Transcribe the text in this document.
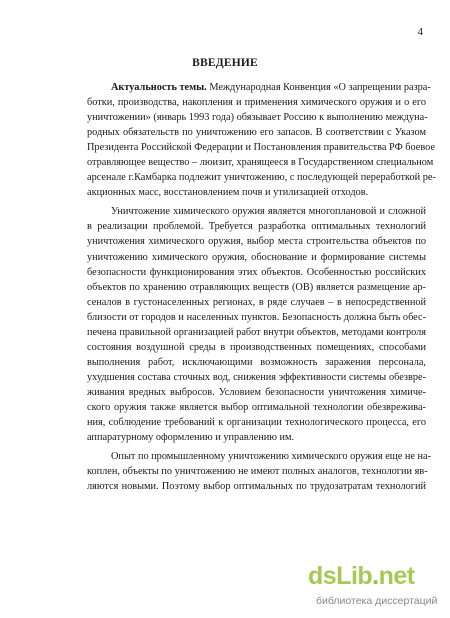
4
ВВЕДЕНИЕ
Актуальность темы. Международная Конвенция «О запрещении разра-
ботки, производства, накопления и применения химического оружия и о его
уничтожении» (январь 1993 года) обязывает Россию к выполнению междуна-
родных обязательств по уничтожению его запасов. В соответствии с Указом
Президента Российской Федерации и Постановления правительства РФ боевое
отравляющее вещество – люизит, хранящееся в Государственном специальном
арсенале г.Камбарка подлежит уничтожению, с последующей переработкой ре-
акционных масс, восстановлением почв и утилизацией отходов.
Уничтожение химического оружия является многоплановой и сложной
в реализации проблемой. Требуется разработка оптимальных технологий
уничтожения химического оружия, выбор места строительства объектов по
уничтожению химического оружия, обоснование и формирование системы
безопасности функционирования этих объектов. Особенностью российских
объектов по хранению отравляющих веществ (ОВ) является размещение ар-
сеналов в густонаселенных регионах, в ряде случаев – в непосредственной
близости от городов и населенных пунктов. Безопасность должна быть обес-
печена правильной организацией работ внутри объектов, методами контроля
состояния воздушной среды в производственных помещениях, способами
выполнения работ, исключающими возможность заражения персонала,
ухудшения состава сточных вод, снижения эффективности системы обезвре-
живания вредных выбросов. Условием безопасности уничтожения химиче-
ского оружия также является выбор оптимальной технологии обезврежива-
ния, соблюдение требований к организации технологического процесса, его
аппаратурному оформлению и управлению им.
Опыт по промышленному уничтожению химического оружия еще не на-
коплен, объекты по уничтожению не имеют полных аналогов, технологии яв-
ляются новыми. Поэтому выбор оптимальных по трудозатратам технологий
dsLib.net
библиотека диссертаций
